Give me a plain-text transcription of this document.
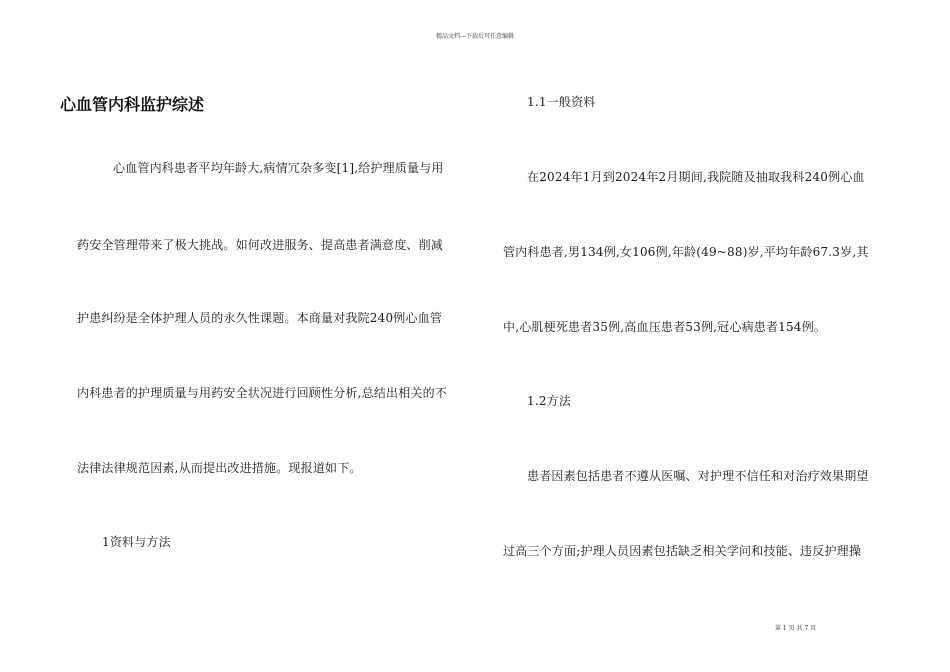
精品文档---下载后可任意编辑
心血管内科监护综述
心血管内科患者平均年龄大,病情冗杂多变[1],给护理质量与用
药安全管理带来了极大挑战。如何改进服务、提高患者满意度、削减
护患纠纷是全体护理人员的永久性课题。本商量对我院240例心血管
内科患者的护理质量与用药安全状况进行回顾性分析,总结出相关的不
法律法律规范因素,从而提出改进措施。现报道如下。
1资料与方法
1.1一般资料
在2024年1月到2024年2月期间,我院随及抽取我科240例心血
管内科患者,男134例,女106例,年龄(49~88)岁,平均年龄67.3岁,其
中,心肌梗死患者35例,高血压患者53例,冠心病患者154例。
1.2方法
患者因素包括患者不遵从医嘱、对护理不信任和对治疗效果期望
过高三个方面;护理人员因素包括缺乏相关学问和技能、违反护理操
第 1 页 共 7 页
